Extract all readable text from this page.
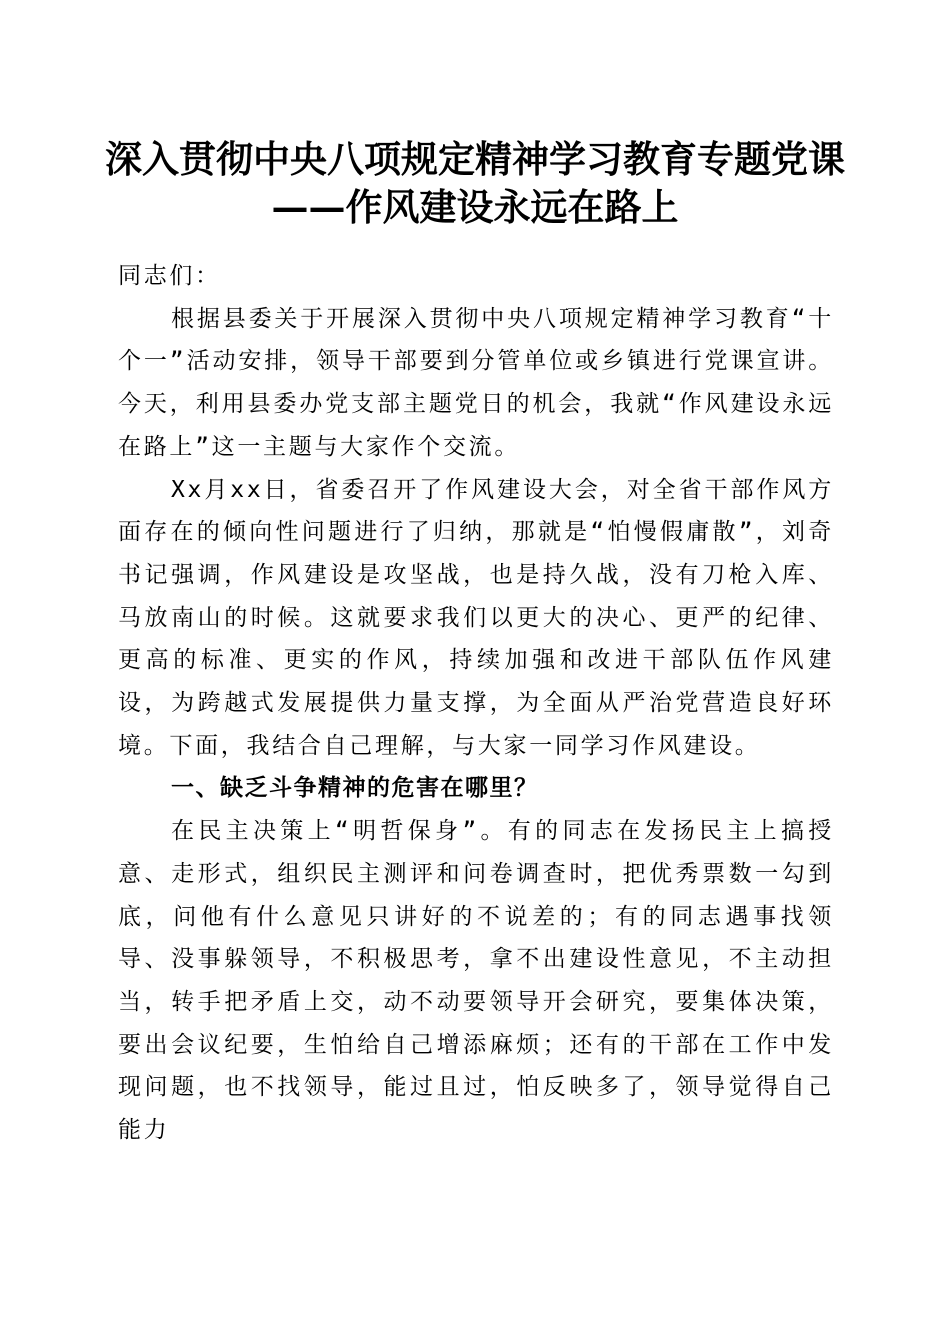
深入贯彻中央八项规定精神学习教育专题党课
——作风建设永远在路上

同志们：

根据县委关于开展深入贯彻中央八项规定精神学习教育“十个一”活动安排，领导干部要到分管单位或乡镇进行党课宣讲。今天，利用县委办党支部主题党日的机会，我就“作风建设永远在路上”这一主题与大家作个交流。

Xx月xx日，省委召开了作风建设大会，对全省干部作风方面存在的倾向性问题进行了归纳，那就是“怕慢假庸散”，刘奇书记强调，作风建设是攻坚战，也是持久战，没有刀枪入库、马放南山的时候。这就要求我们以更大的决心、更严的纪律、更高的标准、更实的作风，持续加强和改进干部队伍作风建设，为跨越式发展提供力量支撑，为全面从严治党营造良好环境。下面，我结合自己理解，与大家一同学习作风建设。

一、缺乏斗争精神的危害在哪里？

在民主决策上“明哲保身”。有的同志在发扬民主上搞授意、走形式，组织民主测评和问卷调查时，把优秀票数一勾到底，问他有什么意见只讲好的不说差的；有的同志遇事找领导、没事躲领导，不积极思考，拿不出建设性意见，不主动担当，转手把矛盾上交，动不动要领导开会研究，要集体决策，要出会议纪要，生怕给自己增添麻烦；还有的干部在工作中发现问题，也不找领导，能过且过，怕反映多了，领导觉得自己能力
